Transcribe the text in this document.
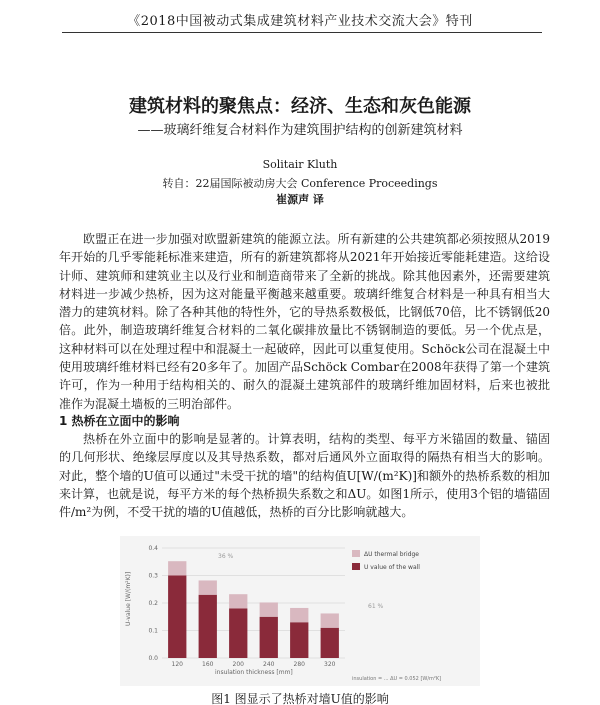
《2018中国被动式集成建筑材料产业技术交流大会》特刊
建筑材料的聚焦点：经济、生态和灰色能源
——玻璃纤维复合材料作为建筑围护结构的创新建筑材料
Solitair Kluth
转自：22届国际被动房大会 Conference Proceedings
崔源声 译

欧盟正在进一步加强对欧盟新建筑的能源立法。所有新建的公共建筑都必须按照从2019年开始的几乎零能耗标准来建造，所有的新建筑都将从2021年开始接近零能耗建造。这给设计师、建筑师和建筑业主以及行业和制造商带来了全新的挑战。除其他因素外，还需要建筑材料进一步减少热桥，因为这对能量平衡越来越重要。玻璃纤维复合材料是一种具有相当大潜力的建筑材料。除了各种其他的特性外，它的导热系数极低，比钢低70倍，比不锈钢低20倍。此外，制造玻璃纤维复合材料的二氧化碳排放量比不锈钢制造的要低。另一个优点是，这种材料可以在处理过程中和混凝土一起破碎，因此可以重复使用。Schöck公司在混凝土中使用玻璃纤维材料已经有20多年了。加固产品Schöck Combar在2008年获得了第一个建筑许可，作为一种用于结构相关的、耐久的混凝土建筑部件的玻璃纤维加固材料，后来也被批准作为混凝土墙板的三明治部件。

1 热桥在立面中的影响

热桥在外立面中的影响是显著的。计算表明，结构的类型、每平方米锚固的数量、锚固的几何形状、绝缘层厚度以及其导热系数，都对后通风外立面取得的隔热有相当大的影响。对此，整个墙的U值可以通过"未受干扰的墙"的结构值U[W/(m²K)]和额外的热桥系数的相加来计算，也就是说，每平方米的每个热桥损失系数之和ΔU。如图1所示，使用3个铝的墙锚固件/m²为例，不受干扰的墙的U值越低，热桥的百分比影响就越大。

0.0
0.1
0.2
0.3
0.4
120	160	200	240	280	320
U-value [W/(m²K)]
insulation thickness [mm]
ΔU thermal bridge
U value of the wall
36 %
61 %
insulation = ... ΔU = 0.052 [W/m²K]
图1 图显示了热桥对墙U值的影响
